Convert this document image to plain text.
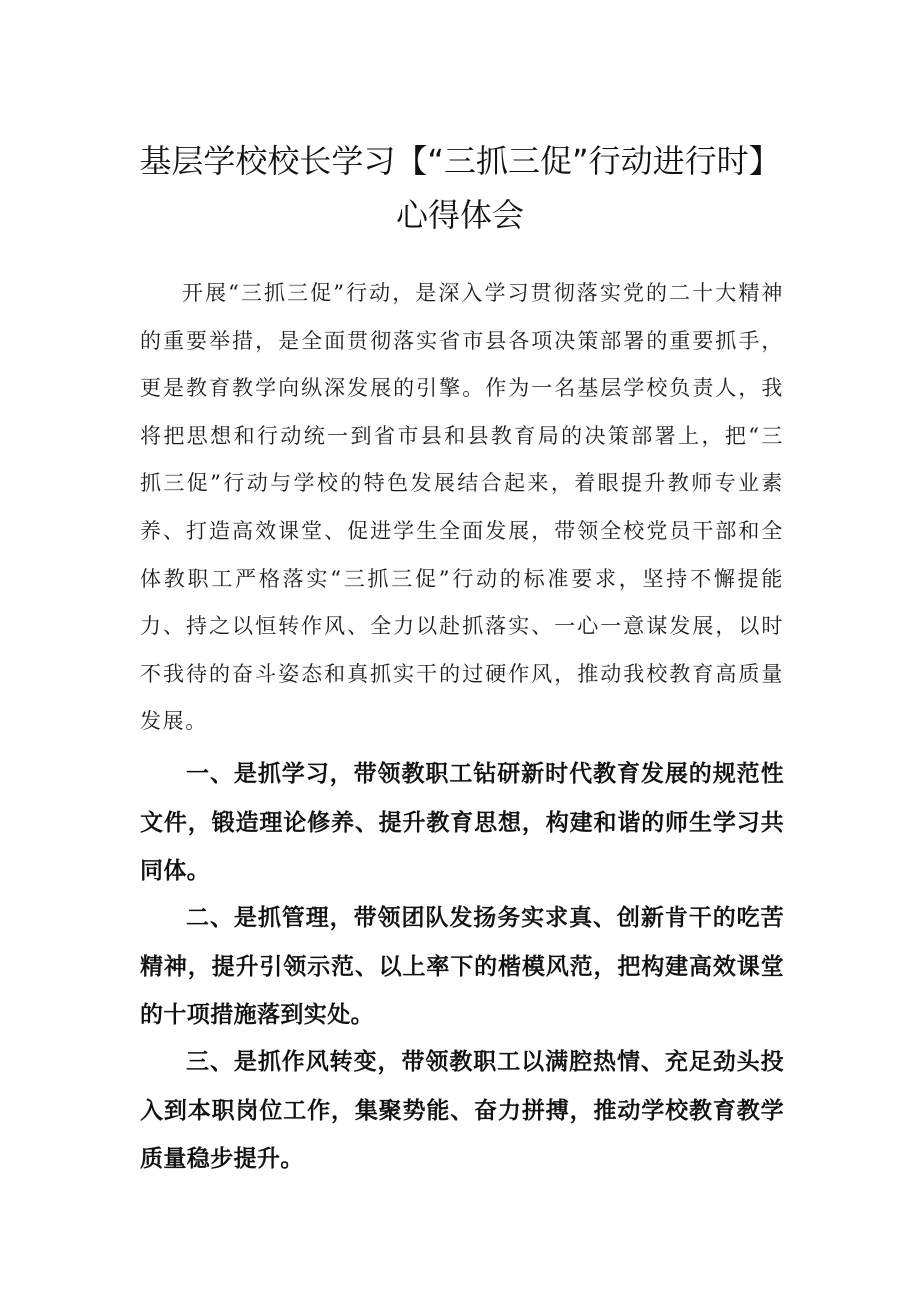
基层学校校长学习【“三抓三促”行动进行时】
心得体会

开展“三抓三促”行动，是深入学习贯彻落实党的二十大精神的重要举措，是全面贯彻落实省市县各项决策部署的重要抓手，更是教育教学向纵深发展的引擎。作为一名基层学校负责人，我将把思想和行动统一到省市县和县教育局的决策部署上，把“三抓三促”行动与学校的特色发展结合起来，着眼提升教师专业素养、打造高效课堂、促进学生全面发展，带领全校党员干部和全体教职工严格落实“三抓三促”行动的标准要求，坚持不懈提能力、持之以恒转作风、全力以赴抓落实、一心一意谋发展，以时不我待的奋斗姿态和真抓实干的过硬作风，推动我校教育高质量发展。

一、是抓学习，带领教职工钻研新时代教育发展的规范性文件，锻造理论修养、提升教育思想，构建和谐的师生学习共同体。

二、是抓管理，带领团队发扬务实求真、创新肯干的吃苦精神，提升引领示范、以上率下的楷模风范，把构建高效课堂的十项措施落到实处。

三、是抓作风转变，带领教职工以满腔热情、充足劲头投入到本职岗位工作，集聚势能、奋力拼搏，推动学校教育教学质量稳步提升。
